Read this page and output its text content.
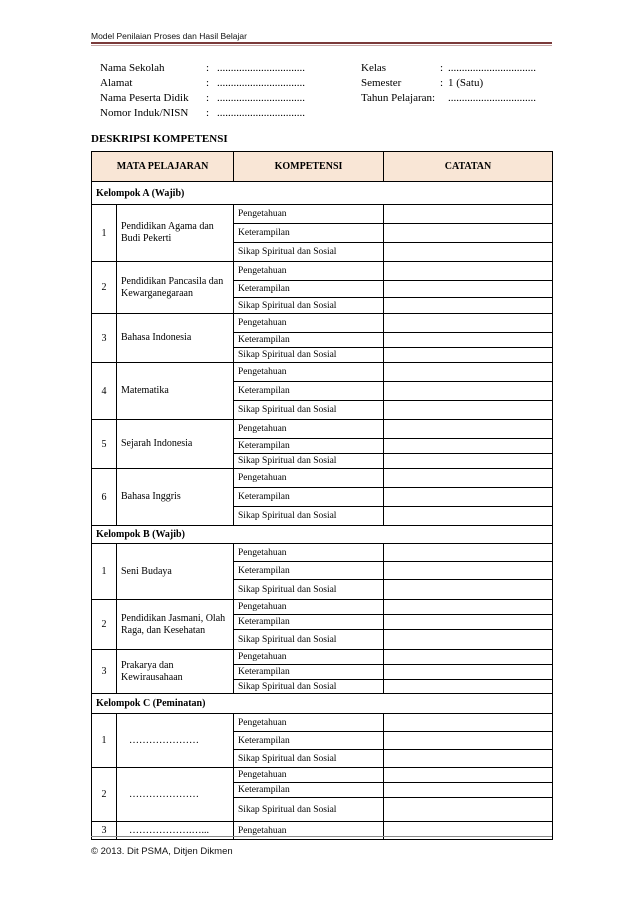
Model Penilaian Proses dan Hasil Belajar
Nama Sekolah	: ................................
Alamat	: ................................
Nama Peserta Didik	: ................................
Nomor Induk/NISN	: ................................
Kelas	: ................................
Semester	: 1 (Satu)
Tahun Pelajaran:	................................
DESKRIPSI KOMPETENSI
MATA PELAJARAN		KOMPETENSI	CATATAN
Kelompok A (Wajib)			
1	Pendidikan Agama dan Budi Pekerti	Pengetahuan	
		Keterampilan	
		Sikap Spiritual dan Sosial	
2	Pendidikan Pancasila dan Kewarganegaraan	Pengetahuan	
		Keterampilan	
		Sikap Spiritual dan Sosial	
3	Bahasa Indonesia	Pengetahuan	
		Keterampilan	
		Sikap Spiritual dan Sosial	
4	Matematika	Pengetahuan	
		Keterampilan	
		Sikap Spiritual dan Sosial	
5	Sejarah Indonesia	Pengetahuan	
		Keterampilan	
		Sikap Spiritual dan Sosial	
6	Bahasa Inggris	Pengetahuan	
		Keterampilan	
		Sikap Spiritual dan Sosial	
Kelompok B (Wajib)			
1	Seni Budaya	Pengetahuan	
		Keterampilan	
		Sikap Spiritual dan Sosial	
2	Pendidikan Jasmani, Olah Raga, dan Kesehatan	Pengetahuan	
		Keterampilan	
		Sikap Spiritual dan Sosial	
3	Prakarya dan Kewirausahaan	Pengetahuan	
		Keterampilan	
		Sikap Spiritual dan Sosial	
Kelompok C (Peminatan)			
1	…………………	Pengetahuan	
		Keterampilan	
		Sikap Spiritual dan Sosial	
2	…………………	Pengetahuan	
		Keterampilan	
		Sikap Spiritual dan Sosial	
3	……………….…...	Pengetahuan	
© 2013. Dit PSMA, Ditjen Dikmen
